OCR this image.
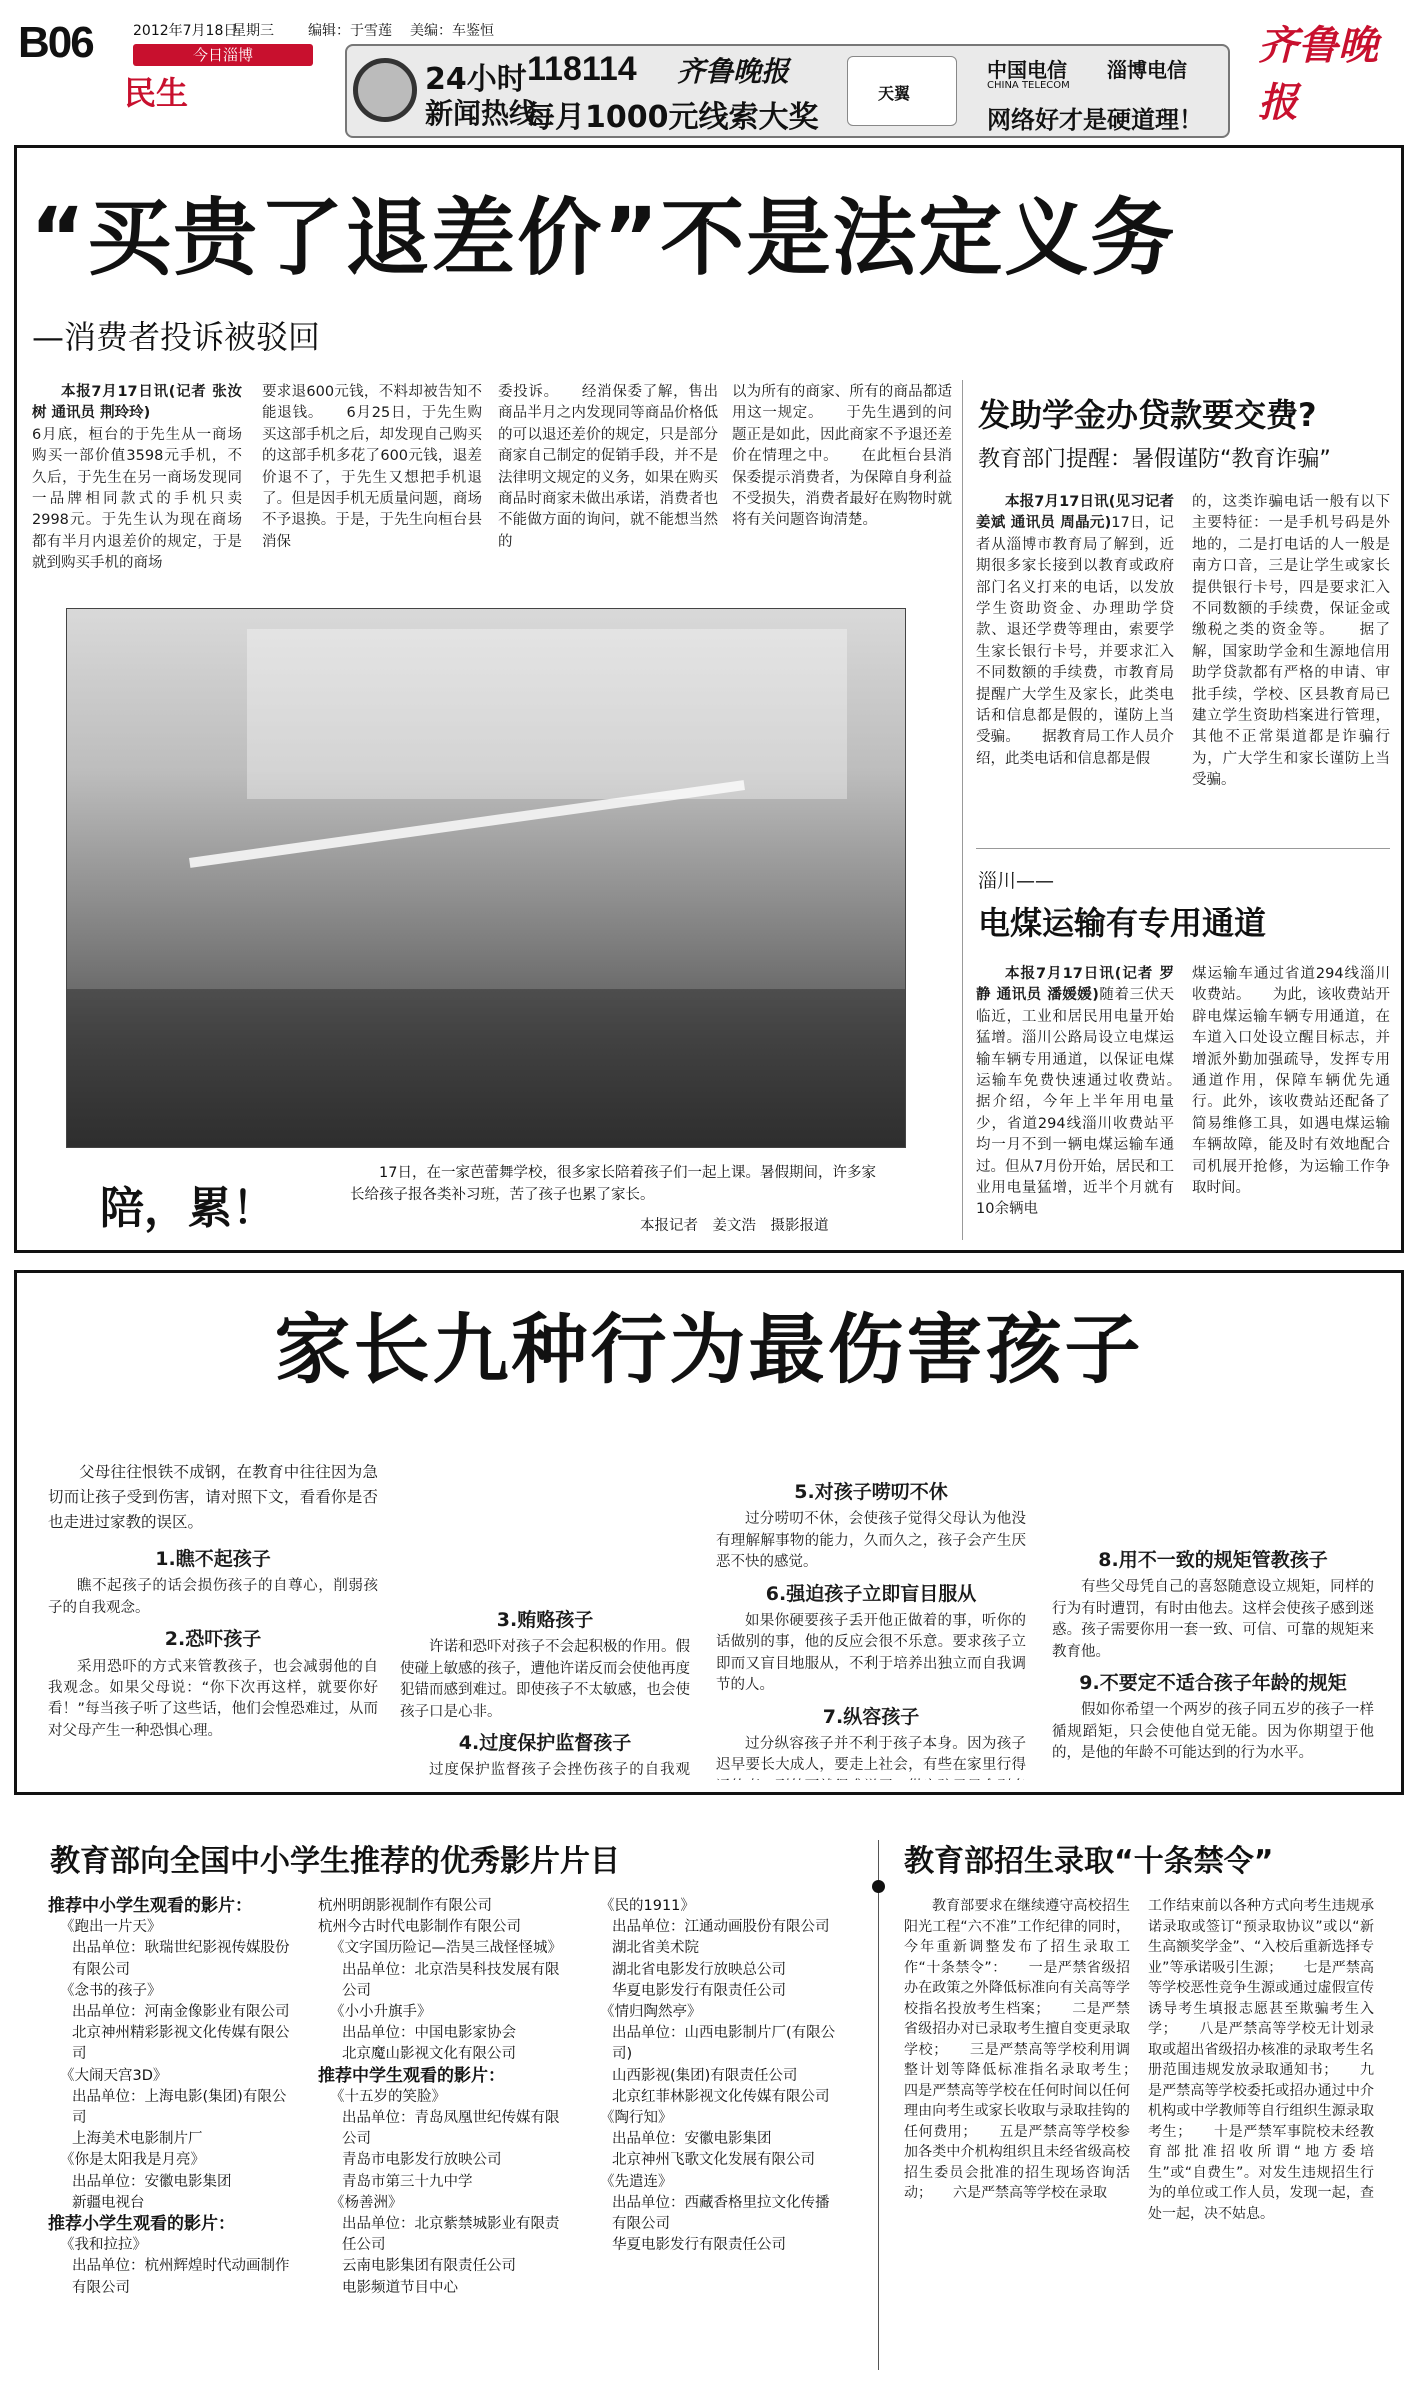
B06	2012年7月18日
星期三 编辑：于雪莲 美编：车鉴恒
今日淄博
民生	24小时
新闻热线
118114 齐鲁晚报
每月1000元线索大奖
天翼
中国电信
CHINA TELECOM
淄博电信
网络好才是硬道理！
齐鲁晚报
“买贵了退差价”不是法定义务
—消费者投诉被驳回

本报7月17日讯(记者 张汝树 通讯员 荆玲玲)

6月底，桓台的于先生从一商场购买一部价值3598元手机，不久后，于先生在另一商场发现同一品牌相同款式的手机只卖2998元。于先生认为现在商场都有半月内退差价的规定，于是就到购买手机的商场

要求退600元钱，不料却被告知不能退钱。　　6月25日，于先生购买这部手机之后，却发现自己购买的这部手机多花了600元钱，退差价退不了，于先生又想把手机退了。但是因手机无质量问题，商场不予退换。于是，于先生向桓台县消保

委投诉。　　经消保委了解，售出商品半月之内发现同等商品价格低的可以退还差价的规定，只是部分商家自己制定的促销手段，并不是法律明文规定的义务，如果在购买商品时商家未做出承诺，消费者也不能做方面的询问，就不能想当然的

以为所有的商家、所有的商品都适用这一规定。　　于先生遇到的问题正是如此，因此商家不予退还差价在情理之中。　　在此桓台县消保委提示消费者，为保障自身利益不受损失，消费者最好在购物时就将有关问题咨询清楚。

陪，累！
17日，在一家芭蕾舞学校，很多家长陪着孩子们一起上课。暑假期间，许多家长给孩子报各类补习班，苦了孩子也累了家长。
本报记者　姜文浩　摄影报道
发助学金办贷款要交费?
教育部门提醒：暑假谨防“教育诈骗”

本报7月17日讯(见习记者 姜斌 通讯员 周晶元)17日，记者从淄博市教育局了解到，近期很多家长接到以教育或政府部门名义打来的电话，以发放学生资助资金、办理助学贷款、退还学费等理由，索要学生家长银行卡号，并要求汇入不同数额的手续费，市教育局提醒广大学生及家长，此类电话和信息都是假的，谨防上当受骗。　　据教育局工作人员介绍，此类电话和信息都是假

的，这类诈骗电话一般有以下主要特征：一是手机号码是外地的，二是打电话的人一般是南方口音，三是让学生或家长提供银行卡号，四是要求汇入不同数额的手续费，保证金或缴税之类的资金等。　　据了解，国家助学金和生源地信用助学贷款都有严格的申请、审批手续，学校、区县教育局已建立学生资助档案进行管理，其他不正常渠道都是诈骗行为，广大学生和家长谨防上当受骗。

淄川——
电煤运输有专用通道

本报7月17日讯(记者 罗静 通讯员 潘媛媛)随着三伏天临近，工业和居民用电量开始猛增。淄川公路局设立电煤运输车辆专用通道，以保证电煤运输车免费快速通过收费站。　　据介绍，今年上半年用电量少，省道294线淄川收费站平均一月不到一辆电煤运输车通过。但从7月份开始，居民和工业用电量猛增，近半个月就有10余辆电

煤运输车通过省道294线淄川收费站。　　为此，该收费站开辟电煤运输车辆专用通道，在车道入口处设立醒目标志，并增派外勤加强疏导，发挥专用通道作用，保障车辆优先通行。此外，该收费站还配备了简易维修工具，如遇电煤运输车辆故障，能及时有效地配合司机展开抢修，为运输工作争取时间。

家长九种行为最伤害孩子

父母往往恨铁不成钢，在教育中往往因为急切而让孩子受到伤害，请对照下文，看看你是否也走进过家教的误区。

1.瞧不起孩子

瞧不起孩子的话会损伤孩子的自尊心，削弱孩子的自我观念。

2.恐吓孩子

采用恐吓的方式来管教孩子，也会减弱他的自我观念。如果父母说：“你下次再这样，就要你好看！”每当孩子听了这些话，他们会惶恐难过，从而对父母产生一种恐惧心理。

3.贿赂孩子

许诺和恐吓对孩子不会起积极的作用。假使碰上敏感的孩子，遭他许诺反而会使他再度犯错而感到难过。即使孩子不太敏感，也会使孩子口是心非。

4.过度保护监督孩子

过度保护监督孩子会挫伤孩子的自我观

5.对孩子唠叨不休

过分唠叨不休，会使孩子觉得父母认为他没有理解解事物的能力，久而久之，孩子会产生厌恶不快的感觉。

6.强迫孩子立即盲目服从

如果你硬要孩子丢开他正做着的事，听你的话做别的事，他的反应会很不乐意。要求孩子立即而又盲目地服从，不利于培养出独立而自我调节的人。

7.纵容孩子

过分纵容孩子并不利于孩子本身。因为孩子迟早要长大成人，要走上社会，有些在家里行得

8.用不一致的规矩管教孩子

有些父母凭自己的喜怒随意设立规矩，同样的行为有时遭罚，有时由他去。这样会使孩子感到迷惑。孩子需要你用一套一致、可信、可靠的规矩来教育他。

9.不要定不适合孩子年龄的规矩

假如你希望一个两岁的孩子同五岁的孩子一样循规蹈矩，只会使他自觉无能。因为你期望于他的，是他的年龄不可能达到的行为水平。

教育部向全国中小学生推荐的优秀影片片目
推荐中小学生观看的影片：
《跑出一片天》
出品单位：耿瑞世纪影视传媒股份有限公司
《念书的孩子》
出品单位：河南金像影业有限公司
北京神州精彩影视文化传媒有限公司
《大闹天宫3D》
出品单位：上海电影(集团)有限公司
上海美术电影制片厂
《你是太阳我是月亮》
出品单位：安徽电影集团
新疆电视台
推荐小学生观看的影片：
《我和拉拉》
出品单位：杭州辉煌时代动画制作有限公司
杭州明朗影视制作有限公司
杭州今古时代电影制作有限公司
《文字国历险记—浩昊三战怪怪城》
出品单位：北京浩昊科技发展有限公司
《小小升旗手》
出品单位：中国电影家协会
北京魔山影视文化有限公司
推荐中学生观看的影片：
《十五岁的笑脸》
出品单位：青岛凤凰世纪传媒有限公司
青岛市电影发行放映公司
青岛市第三十九中学
《杨善洲》
出品单位：北京紫禁城影业有限责任公司
云南电影集团有限责任公司
电影频道节目中心
《民的1911》
出品单位：江通动画股份有限公司
湖北省美术院
湖北省电影发行放映总公司
华夏电影发行有限责任公司
《情归陶然亭》
出品单位：山西电影制片厂(有限公司)
山西影视(集团)有限责任公司
北京红菲林影视文化传媒有限公司
《陶行知》
出品单位：安徽电影集团
北京神州飞歌文化发展有限公司
《先遣连》
出品单位：西藏香格里拉文化传播有限公司
华夏电影发行有限责任公司
教育部招生录取“十条禁令”

教育部要求在继续遵守高校招生阳光工程“六不准”工作纪律的同时，今年重新调整发布了招生录取工作“十条禁令”：　　一是严禁省级招办在政策之外降低标准向有关高等学校指名投放考生档案；　　二是严禁省级招办对已录取考生擅自变更录取学校；　　三是严禁高等学校利用调整计划等降低标准指名录取考生；　　四是严禁高等学校在任何时间以任何理由向考生或家长收取与录取挂钩的任何费用；　　五是严禁高等学校参加各类中介机构组织且未经省级高校招生委员会批准的招生现场咨询活动；　　六是严禁高等学校在录取

工作结束前以各种方式向考生违规承诺录取或签订“预录取协议”或以“新生高额奖学金”、“入校后重新选择专业”等承诺吸引生源；　　七是严禁高等学校恶性竞争生源或通过虚假宣传诱导考生填报志愿甚至欺骗考生入学；　　八是严禁高等学校无计划录取或超出省级招办核准的录取考生名册范围违规发放录取通知书；　　九是严禁高等学校委托或招办通过中介机构或中学教师等自行组织生源录取考生；　　十是严禁军事院校未经教育部批准招收所谓“地方委培生”或“自费生”。对发生违规招生行为的单位或工作人员，发现一起，查处一起，决不姑息。
